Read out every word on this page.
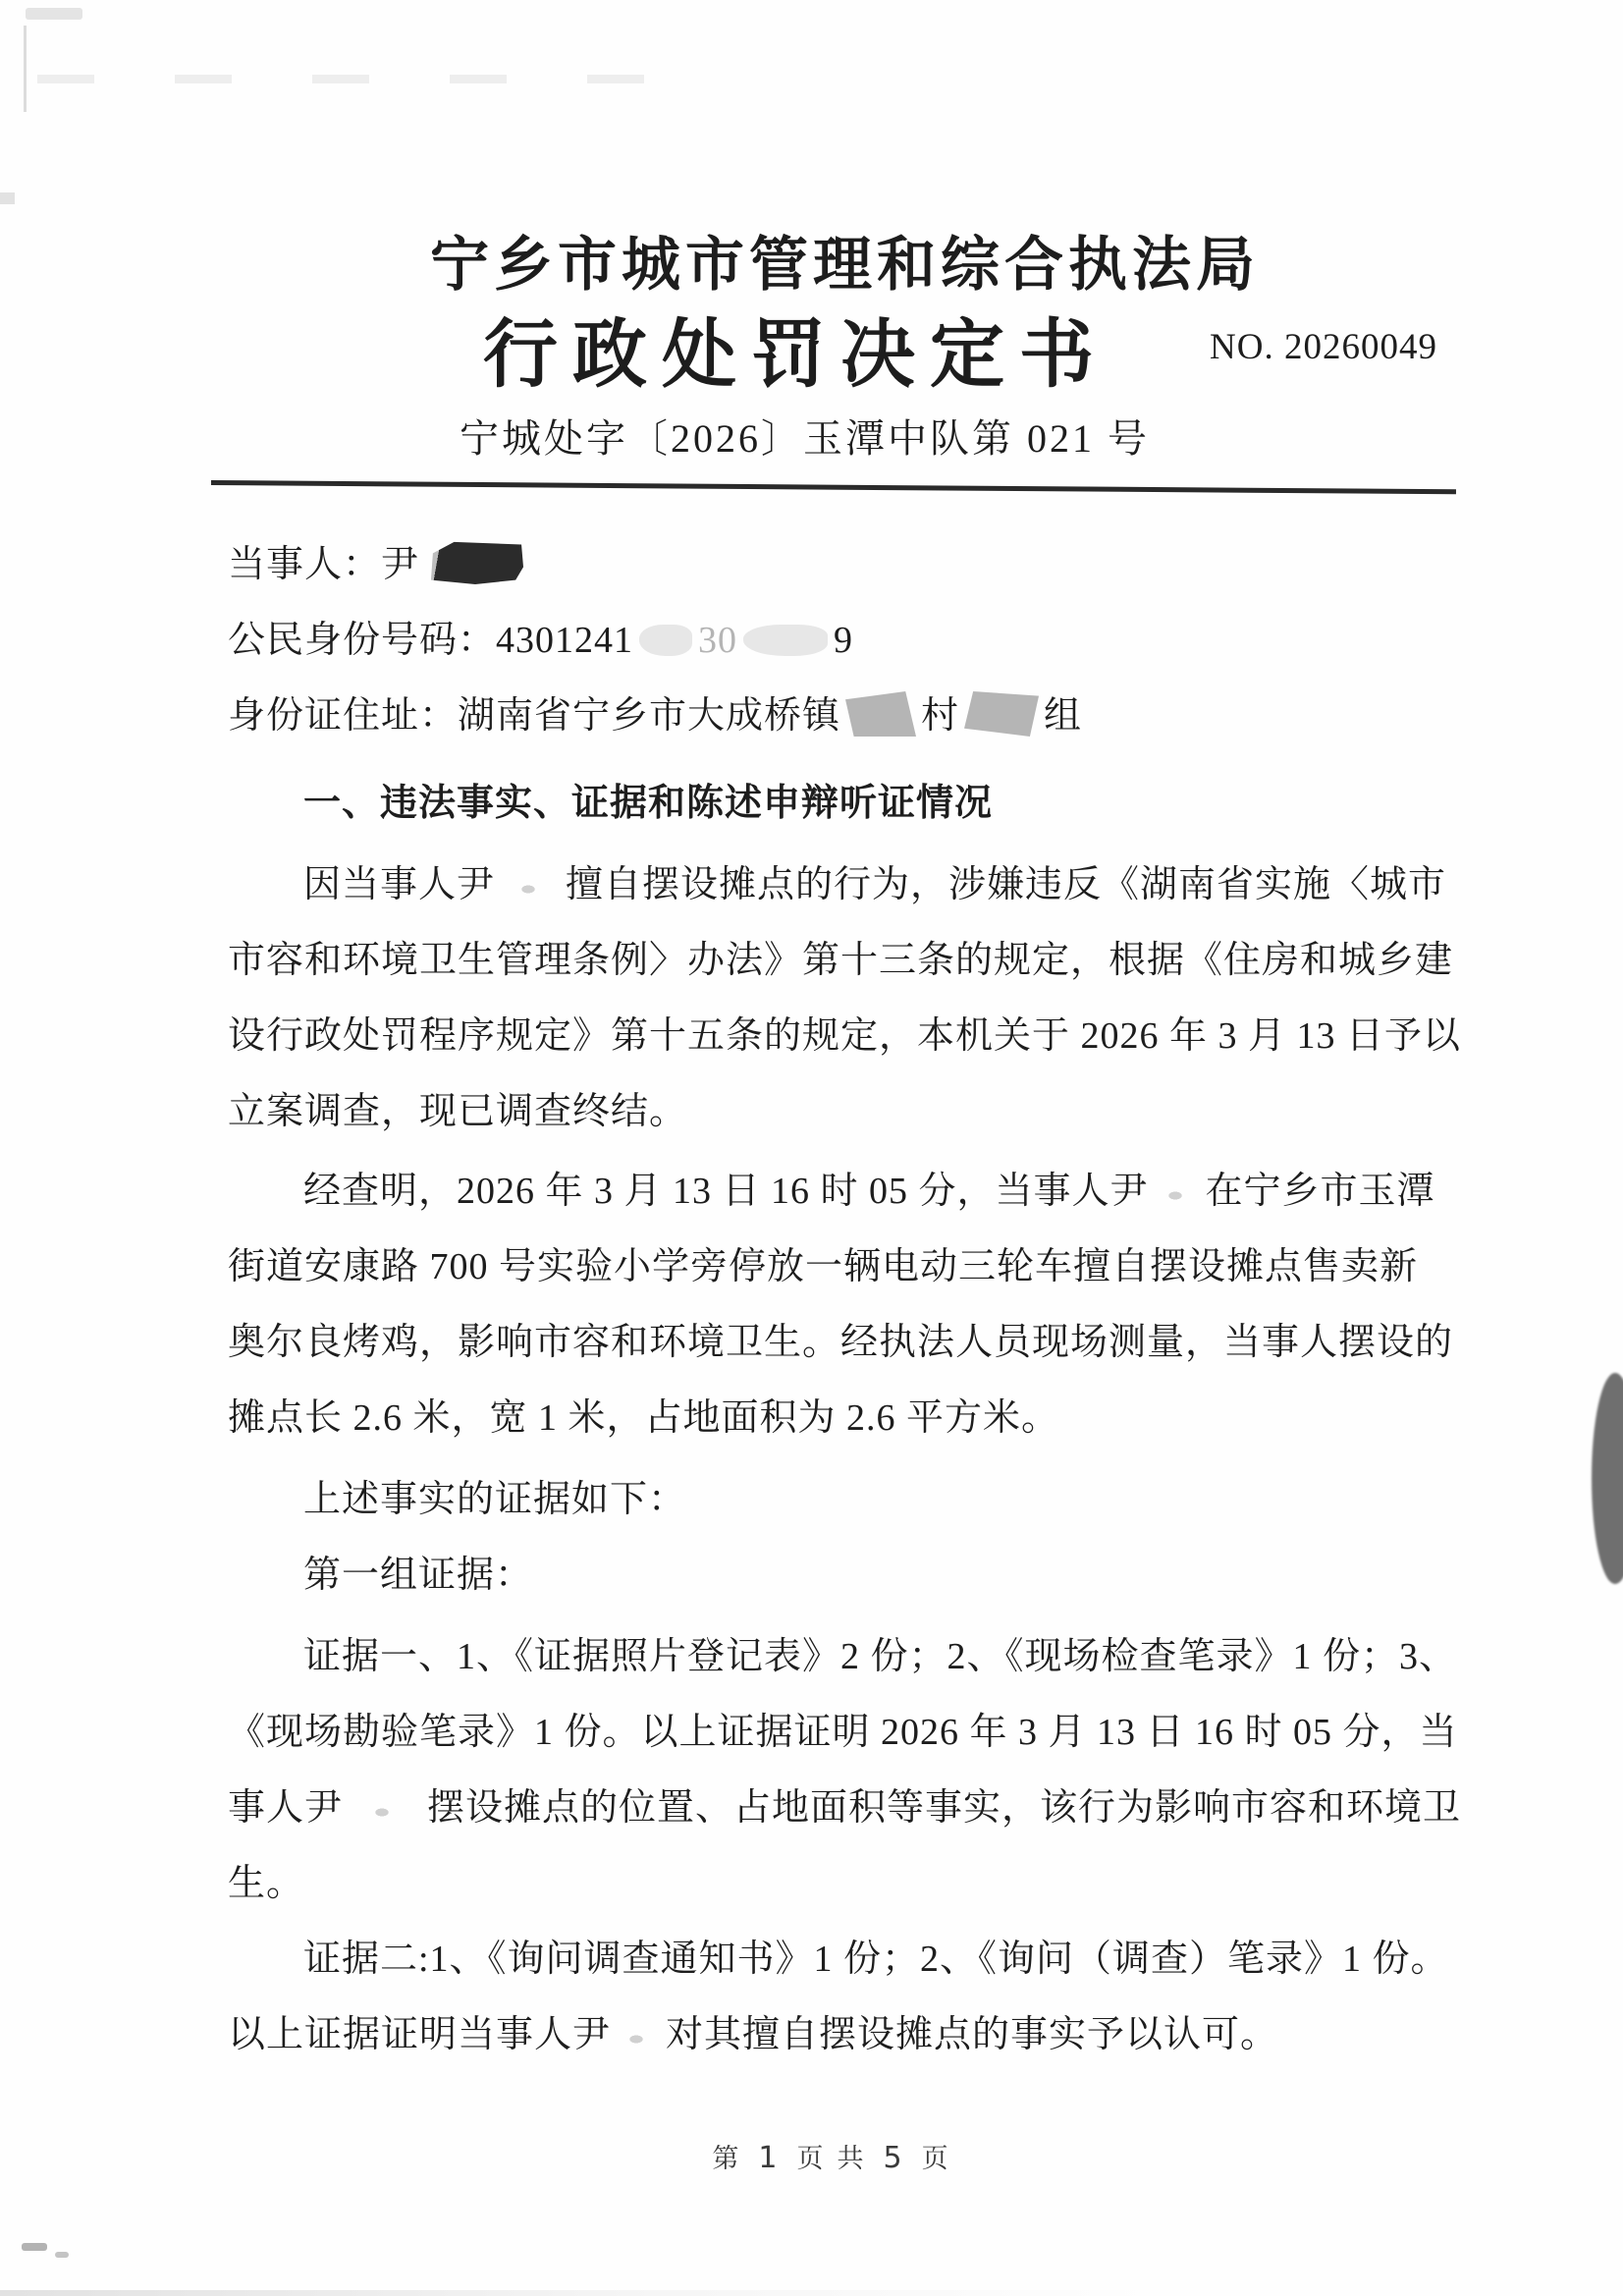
宁乡市城市管理和综合执法局
行政处罚决定书	NO. 20260049
宁城处字〔2026〕玉潭中队第 021 号
当事人：尹
公民身份号码：4301241 30	9
身份证住址：湖南省宁乡市大成桥镇 村 组
一、违法事实、证据和陈述申辩听证情况
因当事人尹 擅自摆设摊点的行为，涉嫌违反《湖南省实施〈城市
市容和环境卫生管理条例〉办法》第十三条的规定，根据《住房和城乡建
设行政处罚程序规定》第十五条的规定，本机关于 2026 年 3 月 13 日予以
立案调查，现已调查终结。
经查明，2026 年 3 月 13 日 16 时 05 分，当事人尹 在宁乡市玉潭
街道安康路 700 号实验小学旁停放一辆电动三轮车擅自摆设摊点售卖新
奥尔良烤鸡，影响市容和环境卫生。经执法人员现场测量，当事人摆设的
摊点长 2.6 米，宽 1 米，占地面积为 2.6 平方米。
上述事实的证据如下：
第一组证据：
证据一、1、《证据照片登记表》2 份；2、《现场检查笔录》1 份；3、
《现场勘验笔录》1 份。以上证据证明 2026 年 3 月 13 日 16 时 05 分，当
事人尹 摆设摊点的位置、占地面积等事实，该行为影响市容和环境卫
生。
证据二:1、《询问调查通知书》1 份；2、《询问（调查）笔录》1 份。
以上证据证明当事人尹 对其擅自摆设摊点的事实予以认可。
第 1 页 共 5 页
